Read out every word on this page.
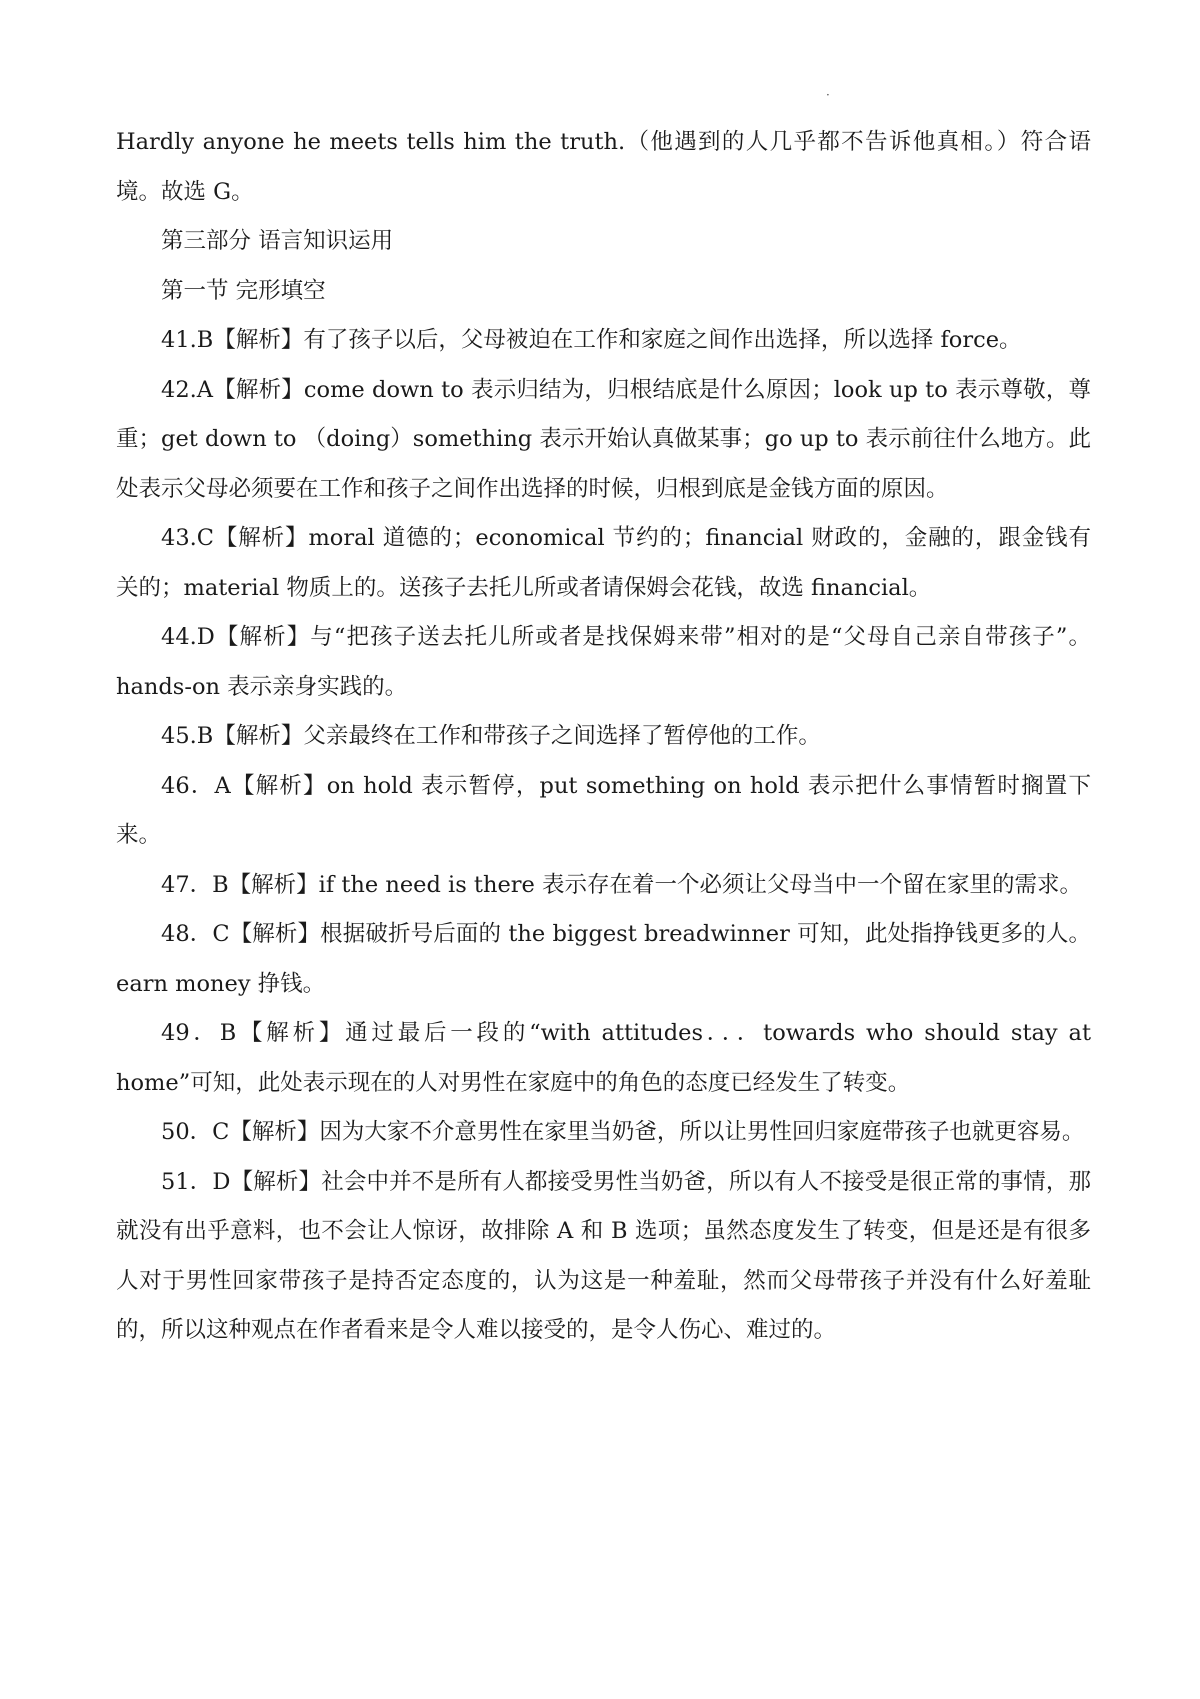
·

Hardly anyone he meets tells him the truth.（他遇到的人几乎都不告诉他真相。）符合语境。故选 G。

第三部分 语言知识运用

第一节 完形填空

41.B【解析】有了孩子以后，父母被迫在工作和家庭之间作出选择，所以选择 force。

42.A【解析】come down to 表示归结为，归根结底是什么原因；look up to 表示尊敬，尊重；get down to （doing）something 表示开始认真做某事；go up to 表示前往什么地方。此处表示父母必须要在工作和孩子之间作出选择的时候，归根到底是金钱方面的原因。

43.C【解析】moral 道德的；economical 节约的；financial 财政的，金融的，跟金钱有关的；material 物质上的。送孩子去托儿所或者请保姆会花钱，故选 financial。

44.D【解析】与“把孩子送去托儿所或者是找保姆来带”相对的是“父母自己亲自带孩子”。hands-on 表示亲身实践的。

45.B【解析】父亲最终在工作和带孩子之间选择了暂停他的工作。

46．A【解析】on hold 表示暂停，put something on hold 表示把什么事情暂时搁置下来。

47．B【解析】if the need is there 表示存在着一个必须让父母当中一个留在家里的需求。

48．C【解析】根据破折号后面的 the biggest breadwinner 可知，此处指挣钱更多的人。earn money 挣钱。

49．B【解析】通过最后一段的“with attitudes．．．towards who should stay at home”可知，此处表示现在的人对男性在家庭中的角色的态度已经发生了转变。

50．C【解析】因为大家不介意男性在家里当奶爸，所以让男性回归家庭带孩子也就更容易。

51．D【解析】社会中并不是所有人都接受男性当奶爸，所以有人不接受是很正常的事情，那就没有出乎意料，也不会让人惊讶，故排除 A 和 B 选项；虽然态度发生了转变，但是还是有很多人对于男性回家带孩子是持否定态度的，认为这是一种羞耻，然而父母带孩子并没有什么好羞耻的，所以这种观点在作者看来是令人难以接受的，是令人伤心、难过的。
